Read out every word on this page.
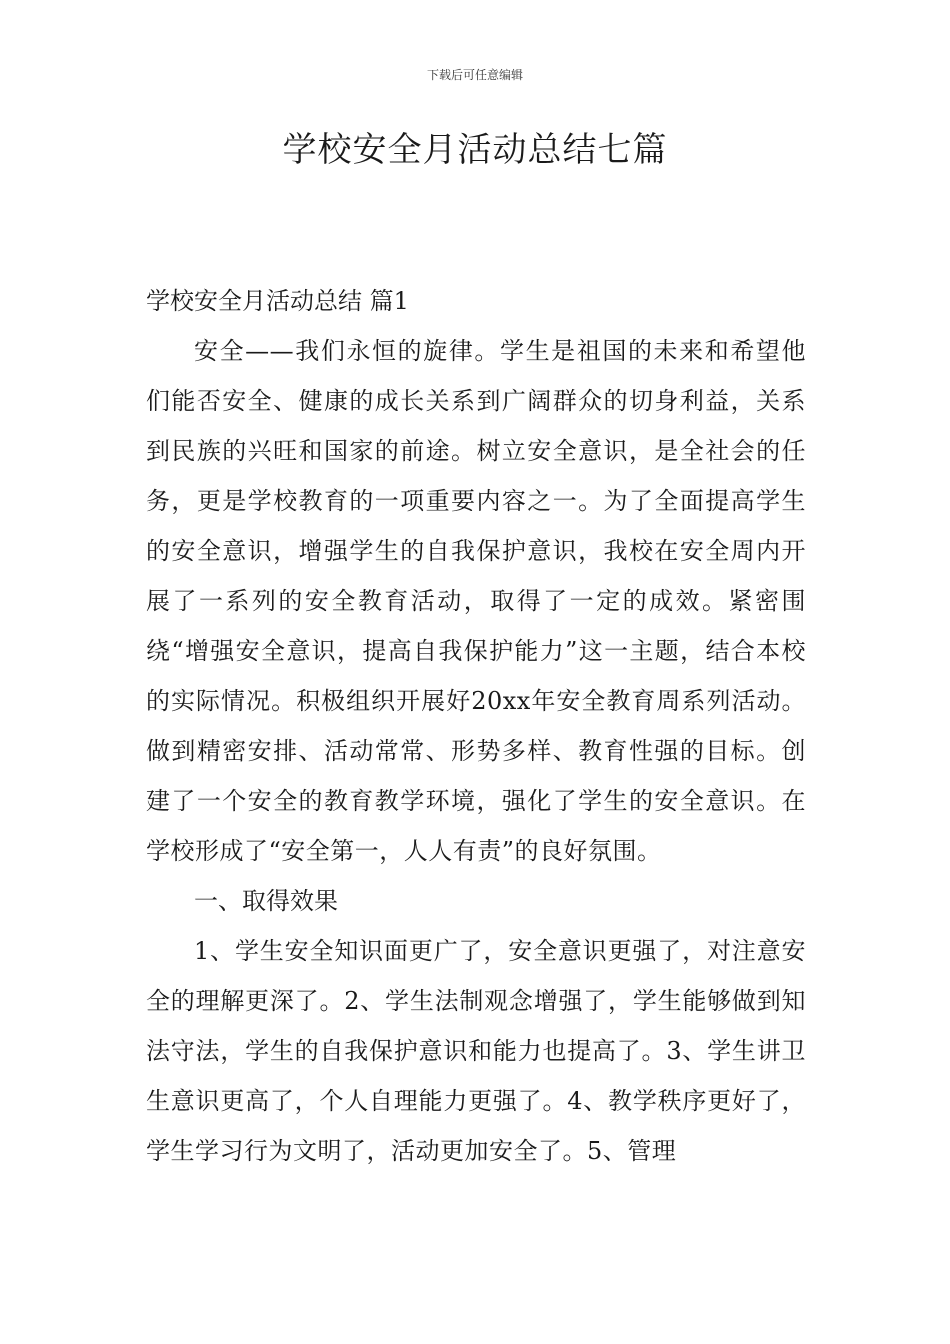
下载后可任意编辑
学校安全月活动总结七篇
学校安全月活动总结 篇1

安全——我们永恒的旋律。学生是祖国的未来和希望他们能否安全、健康的成长关系到广阔群众的切身利益，关系到民族的兴旺和国家的前途。树立安全意识，是全社会的任务，更是学校教育的一项重要内容之一。为了全面提高学生的安全意识，增强学生的自我保护意识，我校在安全周内开展了一系列的安全教育活动，取得了一定的成效。紧密围绕“增强安全意识，提高自我保护能力”这一主题，结合本校的实际情况。积极组织开展好20xx年安全教育周系列活动。做到精密安排、活动常常、形势多样、教育性强的目标。创建了一个安全的教育教学环境，强化了学生的安全意识。在学校形成了“安全第一，人人有责”的良好氛围。

一、取得效果

1、学生安全知识面更广了，安全意识更强了，对注意安全的理解更深了。2、学生法制观念增强了，学生能够做到知法守法，学生的自我保护意识和能力也提高了。3、学生讲卫生意识更高了，个人自理能力更强了。4、教学秩序更好了，学生学习行为文明了，活动更加安全了。5、管理
